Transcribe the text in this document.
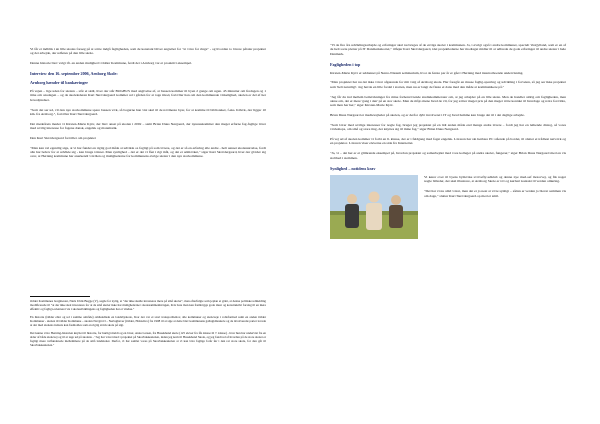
Vi får et indblik i én lille skoles forsøg på at sætte indgå fagligheden, som de konstant bliver angrebet for "at være for ringe" - og hvordan to lærere påtaler projektet og det arbejde, der udføres på den lille skole.

Denne historie blev valgt ift. en anden mulighed i Odder Kommune, ferdi det i Arnborg var et proaktivt eksempel.

Interview den 16. september 2006, Arnborg Skole:
Arnborg hænder til bankæringer

På vejen – lige uden for skolen – står et skilt, hver der står BOGBUS med angivelse af, at bussen kommer til byen 2 gange om ugen. 45 minutter om fredagen og 1 time om onsdagen – og da skolelederen Kurt Skrædergaard kommer ud i gården for at tage imod, fortæller han om den kommunale virkelighed, skolen er del af her hovedpladser.

"Som det ser ud, vil den nye storkommune spare bussen væk, så bogørne han vist skal til de nærmeste byer, for at komme til biblioteket, f.eks. Kibæk, der ligger 10 km. fra Arnborg.", fortæller Kurt Skrædergaard.

Det mødeårets møder vi Kirsten-Marie Kjær, der blev ansat på skolen i 2002 – samt Brian Duus Nørgaard, der nyuuuskommer den meget erfarne fag-faglige lærer med særlig interesse for fagene dansk, engelsk og matematik.

Den Kurt Skrædergaard fortæller om projektet

"Man kan vel egentlig sige, at vi har fundet en rigtig god måde at udvikle os fagligt på som lærere, og det er så en erfaring alle andre - helt uanset skolestørrelse, fordi alle har behov for at udvikle sig - kan bruge tænner. Men synlighed – det er det vi fået i rigt mål, og det er udmærket," siger Kurt Skrædergaard, hver der glæder sig over, at Herning kommune har anerkendt værdien og mulighederne for kommunens øvrige skoler i den nye storkommune.

Odder Kommunes borgmester, Niels Ulrik Bugge (V), sagde for nylig, at "der ikke skulle investeres mere på små skoler", men efterfulgte som jeplan et grint, at denne politiske udmelding modificerede til "at der ikke skal investeres for at de små skoler ikke har mulighederne i skolesammenhængen, hvis bare man kan fremlægge gode ideer og konstruktivt forslag til en mere effektiv og fagligt-orienteret vis i skoleudviklingens og fagligheden har et vindue."

En historie (Odder eller og ud i samme område) omhandlede en landsbyskole, hvor der var et stort transportbehov, alle kommuner og skoleveje i rolleformed samt en anden Odder Kommuner - skolen til Odder Kommune – skolen Navgtvæl – Nerlaghaver (Odder, Holstebro) fra 1908 til at sige at dette blev kommunens gallagiddeskole og de involverede parter lovede at der med skolens indsats kan fastholdes som en rigtig stærk skole på sigt.

Det kunne være Herning-historien knyttet til historie, for hurtigt meldt og en lærer, Anna Larsen, fra Husekhand skole (125 elever fra fås klasse til 7. klasse) - hver hun har undervist fra en alder af både skolevej og til at tage ud på skolens - "Jeg har været med i projektet på Skovbakkeskolen, inden jeg kom til Husekhand Skole, og jeg fandt ud af hvordan på de store skoler er fagligt mere velfunderede mellemmere på de små landskoler. Derfor, vi har samlet vores på Skovbakkeskolen at vi kan lære faglige forår før i den ret store skole, for den går til Skovbakkeskolen."

"Vi de fire års udviklingsarbejde og erfaringer skal nu bruges af de øvrige skoler i kommunen. Ja, i øvrigt også i andre kommuner, specielt Vestjylland, som er en af de helt sorte pletter på IT Danmarkskortet," tilføjer Kurt Skrædergaard, idet projektlederne har modtaget midler til at udbrede de gode erfaringer til andre skoler i hele Danmark.

Fagligheden i top

Kirsten-Marie Kjær er uddannet på Nørre-Nissum seminarium, hvor de første par år er gået i Herning med internatboende undervisning.

"Man projektet har nu det ikke været afgørende for mit valg af Arnborg skole. Her foregår en masse faglig-sparring og udvikling i forveien, så jeg ser ikke projektet som 'helt naturligt'. Jeg havde en lille fordel i starten, men nu er langt de fleste et dans med den måde at kommunikere på."

"Jeg får du ind mellem bemærkninger fra mine forhenværende studiekammerater om, at jeg arbejder på en lille skole. Men de handler aldrig om fagligheden, men alene om, det er mere 'gang i den' på en stor skole. Men de måjo mene hvad de vil, for jeg sætter meget pris på den meget tætte kontakt til hverdage og nære forældre, som men har her," siger Kirsten-Marie Kjær.

Brian Duus Nørgaard er medievejleder på skolen, og er derfor dybt involveret i IT og hvad hamme kan bruge det til i det daglige arbejde.

"Som lærer med særlige interesser for nogle fag, bruger jeg projektet på en lidt anden måde end mange andre lærere – fordi jeg har en lethende dialog, så vores værkshops, om små og store ting, der knyttes sig til mine fag," siger Brian Duus Nørgaard.

På vej ud af skolen kommer vi forbi en 6. klasse, der er i fuldgang med faget engelsk. Læreren har sin hørbare PC stående på bordet, til sluttet et trådløst netværk og en projektor. Læreren viser eleverne en side fra Internettet.

"Ja, vi – det her er et glimrende eksempel på, hvordan projektet og samarbejdet med vore kolleger på andre skoler, fungerer," siger Brian Duus Nørgaard med en vis stolthed i stemmen.

Synlighed – notidens krav

Vi kører over til byens bymærke svævefly-udklub og denne nye med-sef motorvej, og fik noget nogle billeder, der skal illustrere, at Arnborg Skole er tæt og kørbart kontakt til verden omkring.

"Det har vi nu altid været, men det er jo neat at være synligt – sådan er verden jo blevet sammen vis om dage," slutter Kurt Skrædergaard.op med et smil.
